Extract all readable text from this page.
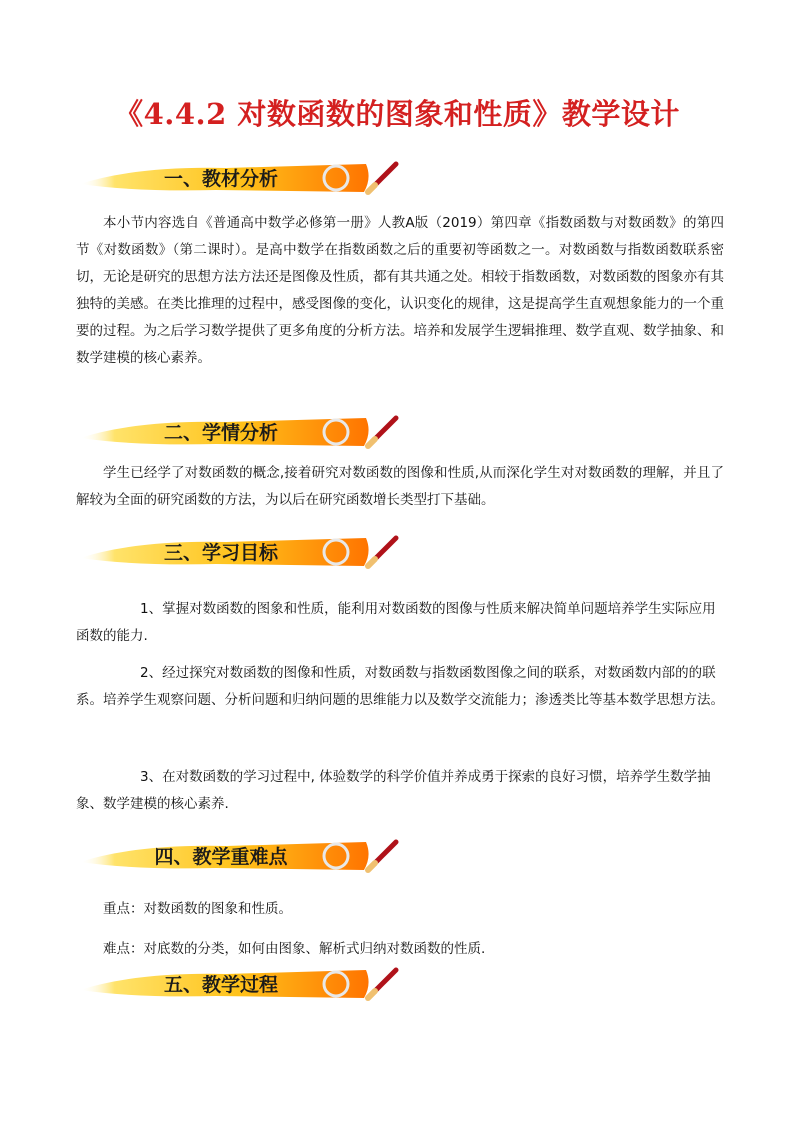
《4.4.2 对数函数的图象和性质》教学设计
一、教材分析
本小节内容选自《普通高中数学必修第一册》人教A版（2019）第四章《指数函数与对数函数》的第四节《对数函数》（第二课时）。是高中数学在指数函数之后的重要初等函数之一。对数函数与指数函数联系密切，无论是研究的思想方法方法还是图像及性质，都有其共通之处。相较于指数函数，对数函数的图象亦有其独特的美感。在类比推理的过程中，感受图像的变化，认识变化的规律，这是提高学生直观想象能力的一个重要的过程。为之后学习数学提供了更多角度的分析方法。培养和发展学生逻辑推理、数学直观、数学抽象、和数学建模的核心素养。
二、学情分析
学生已经学了对数函数的概念,接着研究对数函数的图像和性质,从而深化学生对对数函数的理解，并且了解较为全面的研究函数的方法，为以后在研究函数增长类型打下基础。
三、学习目标
1、掌握对数函数的图象和性质，能利用对数函数的图像与性质来解决简单问题培养学生实际应用函数的能力.
2、经过探究对数函数的图像和性质，对数函数与指数函数图像之间的联系，对数函数内部的的联系。培养学生观察问题、分析问题和归纳问题的思维能力以及数学交流能力；渗透类比等基本数学思想方法。
3、在对数函数的学习过程中, 体验数学的科学价值并养成勇于探索的良好习惯，培养学生数学抽象、数学建模的核心素养.
四、教学重难点
重点：对数函数的图象和性质。
难点：对底数的分类，如何由图象、解析式归纳对数函数的性质.
五、教学过程
